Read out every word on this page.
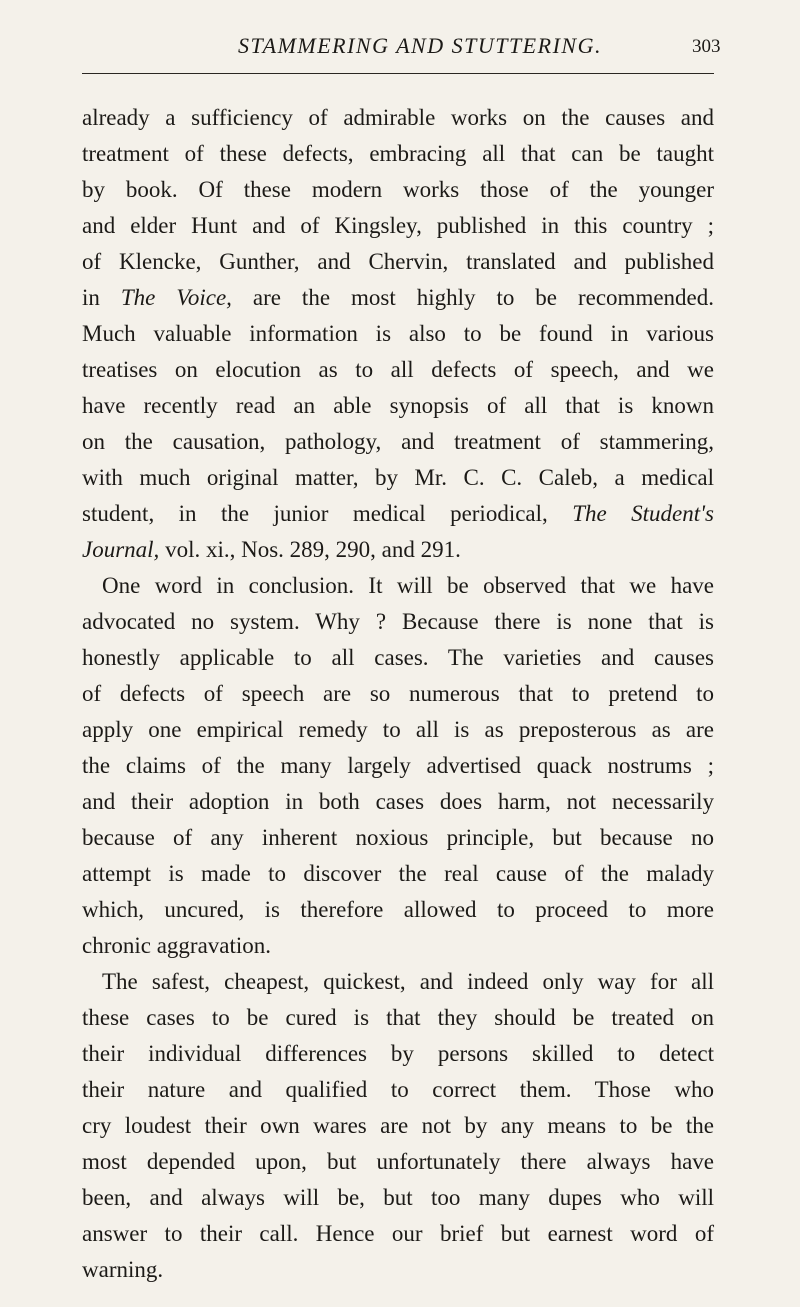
STAMMERING AND STUTTERING.	303
already a sufficiency of admirable works on the causes and
treatment of these defects, embracing all that can be taught
by book. Of these modern works those of the younger
and elder Hunt and of Kingsley, published in this country ;
of Klencke, Gunther, and Chervin, translated and published
in The Voice, are the most highly to be recommended.
Much valuable information is also to be found in various
treatises on elocution as to all defects of speech, and we
have recently read an able synopsis of all that is known
on the causation, pathology, and treatment of stammering,
with much original matter, by Mr. C. C. Caleb, a medical
student, in the junior medical periodical, The Student's
Journal, vol. xi., Nos. 289, 290, and 291.
One word in conclusion. It will be observed that we have
advocated no system. Why ? Because there is none that is
honestly applicable to all cases. The varieties and causes
of defects of speech are so numerous that to pretend to
apply one empirical remedy to all is as preposterous as are
the claims of the many largely advertised quack nostrums ;
and their adoption in both cases does harm, not necessarily
because of any inherent noxious principle, but because no
attempt is made to discover the real cause of the malady
which, uncured, is therefore allowed to proceed to more
chronic aggravation.
The safest, cheapest, quickest, and indeed only way for all
these cases to be cured is that they should be treated on
their individual differences by persons skilled to detect
their nature and qualified to correct them. Those who
cry loudest their own wares are not by any means to be the
most depended upon, but unfortunately there always have
been, and always will be, but too many dupes who will
answer to their call. Hence our brief but earnest word of
warning.
